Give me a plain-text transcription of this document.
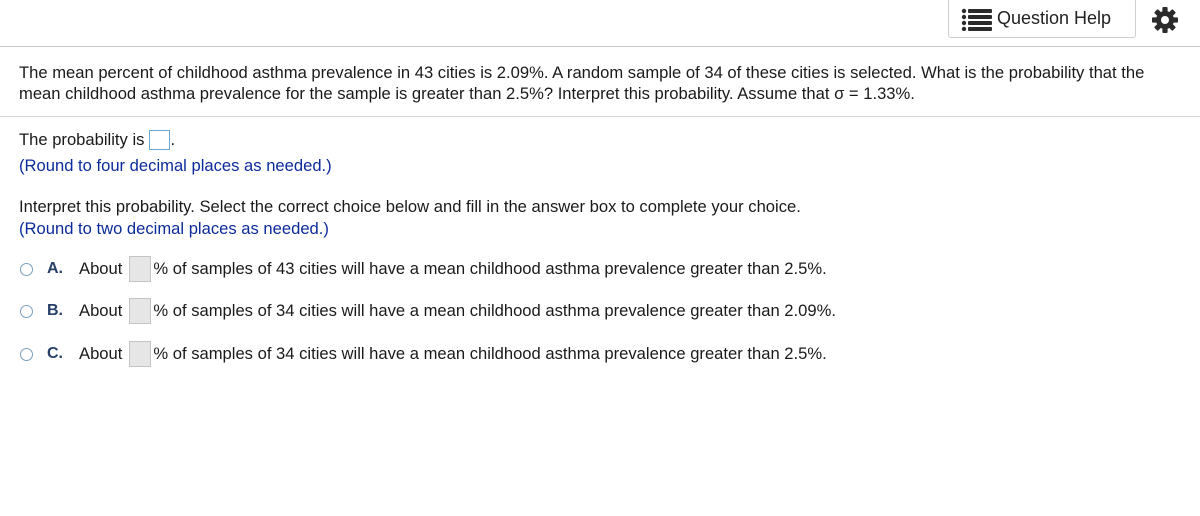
Question Help
The mean percent of childhood asthma prevalence in 43 cities is 2.09%. A random sample of 34 of these cities is selected. What is the probability that the mean childhood asthma prevalence for the sample is greater than 2.5%? Interpret this probability. Assume that σ = 1.33%.
The probability is .
(Round to four decimal places as needed.)
Interpret this probability. Select the correct choice below and fill in the answer box to complete your choice.
(Round to two decimal places as needed.)
A. About % of samples of 43 cities will have a mean childhood asthma prevalence greater than 2.5%.
B. About % of samples of 34 cities will have a mean childhood asthma prevalence greater than 2.09%.
C. About % of samples of 34 cities will have a mean childhood asthma prevalence greater than 2.5%.
